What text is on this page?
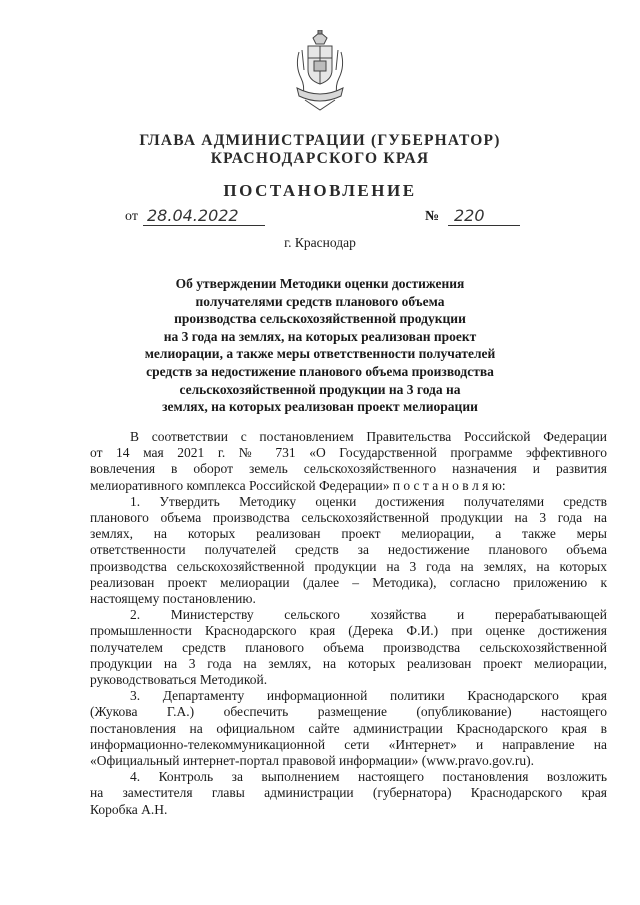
ГЛАВА АДМИНИСТРАЦИИ (ГУБЕРНАТОР)
КРАСНОДАРСКОГО КРАЯ
ПОСТАНОВЛЕНИЕ
от 28.04.2022	№ 220
г. Краснодар
Об утверждении Методики оценки достижения
получателями средств планового объема
производства сельскохозяйственной продукции
на 3 года на землях, на которых реализован проект
мелиорации, а также меры ответственности получателей
средств за недостижение планового объема производства
сельскохозяйственной продукции на 3 года на
землях, на которых реализован проект мелиорации
В соответствии с постановлением Правительства Российской Федерации
от 14 мая 2021 г. № 731 «О Государственной программе эффективного
вовлечения в оборот земель сельскохозяйственного назначения и развития
мелиоративного комплекса Российской Федерации» п о с т а н о в л я ю:
1. Утвердить Методику оценки достижения получателями средств
планового объема производства сельскохозяйственной продукции на 3 года на
землях, на которых реализован проект мелиорации, а также меры
ответственности получателей средств за недостижение планового объема
производства сельскохозяйственной продукции на 3 года на землях, на которых
реализован проект мелиорации (далее – Методика), согласно приложению к
настоящему постановлению.
2. Министерству сельского хозяйства и перерабатывающей
промышленности Краснодарского края (Дерека Ф.И.) при оценке достижения
получателем средств планового объема производства сельскохозяйственной
продукции на 3 года на землях, на которых реализован проект мелиорации,
руководствоваться Методикой.
3. Департаменту информационной политики Краснодарского края
(Жукова Г.А.) обеспечить размещение (опубликование) настоящего
постановления на официальном сайте администрации Краснодарского края в
информационно-телекоммуникационной сети «Интернет» и направление на
«Официальный интернет-портал правовой информации» (www.pravo.gov.ru).
4. Контроль за выполнением настоящего постановления возложить
на заместителя главы администрации (губернатора) Краснодарского края
Коробка А.Н.
